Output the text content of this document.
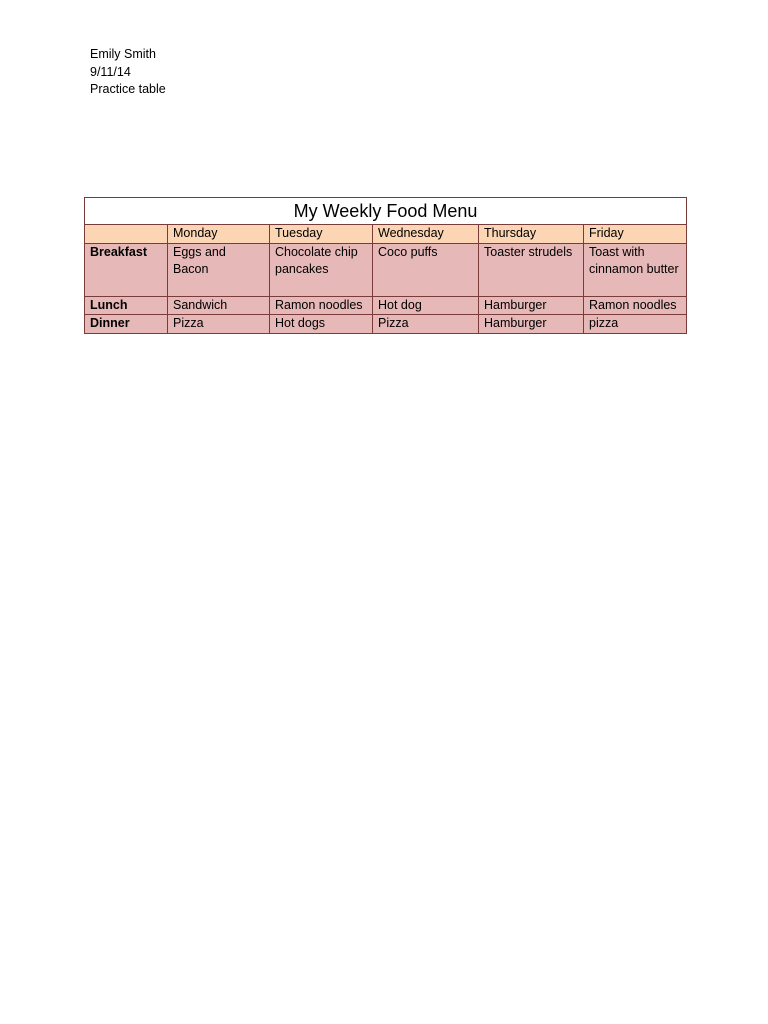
Emily Smith
9/11/14
Practice table
My Weekly Food Menu					
	Monday	Tuesday	Wednesday	Thursday	Friday
Breakfast	Eggs and Bacon	Chocolate chip pancakes	Coco puffs	Toaster strudels	Toast with cinnamon butter
Lunch	Sandwich	Ramon noodles	Hot dog	Hamburger	Ramon noodles
Dinner	Pizza	Hot dogs	Pizza	Hamburger	pizza
